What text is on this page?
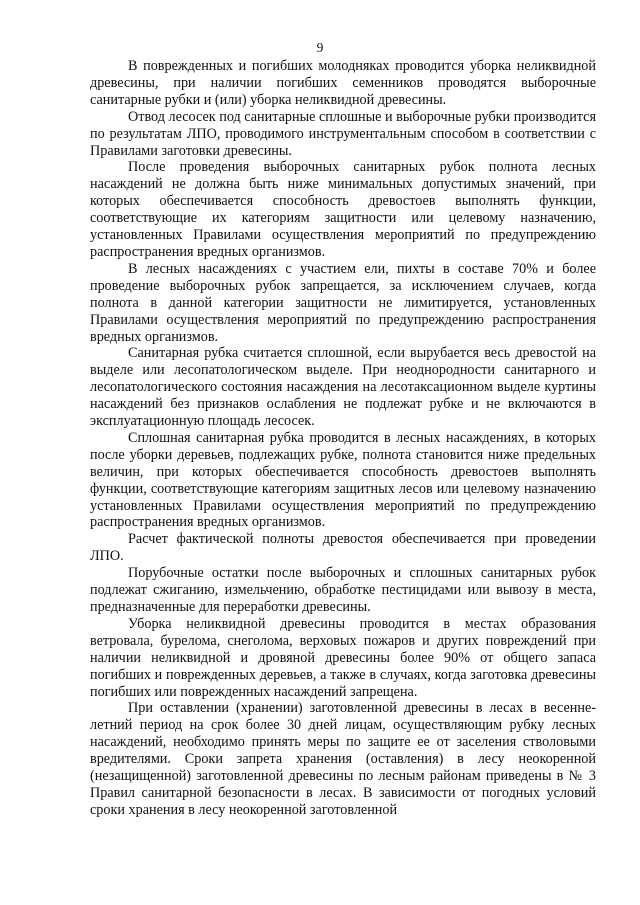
9

В поврежденных и погибших молодняках проводится уборка неликвидной древесины, при наличии погибших семенников проводятся выборочные санитарные рубки и (или) уборка неликвидной древесины.

Отвод лесосек под санитарные сплошные и выборочные рубки производится по результатам ЛПО, проводимого инструментальным способом в соответствии с Правилами заготовки древесины.

После проведения выборочных санитарных рубок полнота лесных насаждений не должна быть ниже минимальных допустимых значений, при которых обеспечивается способность древостоев выполнять функции, соответствующие их категориям защитности или целевому назначению, установленных Правилами осуществления мероприятий по предупреждению распространения вредных организмов.

В лесных насаждениях с участием ели, пихты в составе 70% и более проведение выборочных рубок запрещается, за исключением случаев, когда полнота в данной категории защитности не лимитируется, установленных Правилами осуществления мероприятий по предупреждению распространения вредных организмов.

Санитарная рубка считается сплошной, если вырубается весь древостой на выделе или лесопатологическом выделе. При неоднородности санитарного и лесопатологического состояния насаждения на лесотаксационном выделе куртины насаждений без признаков ослабления не подлежат рубке и не включаются в эксплуатационную площадь лесосек.

Сплошная санитарная рубка проводится в лесных насаждениях, в которых после уборки деревьев, подлежащих рубке, полнота становится ниже предельных величин, при которых обеспечивается способность древостоев выполнять функции, соответствующие категориям защитных лесов или целевому назначению установленных Правилами осуществления мероприятий по предупреждению распространения вредных организмов.

Расчет фактической полноты древостоя обеспечивается при проведении ЛПО.

Порубочные остатки после выборочных и сплошных санитарных рубок подлежат сжиганию, измельчению, обработке пестицидами или вывозу в места, предназначенные для переработки древесины.

Уборка неликвидной древесины проводится в местах образования ветровала, бурелома, снеголома, верховых пожаров и других повреждений при наличии неликвидной и дровяной древесины более 90% от общего запаса погибших и поврежденных деревьев, а также в случаях, когда заготовка древесины погибших или поврежденных насаждений запрещена.

При оставлении (хранении) заготовленной древесины в лесах в весенне-летний период на срок более 30 дней лицам, осуществляющим рубку лесных насаждений, необходимо принять меры по защите ее от заселения стволовыми вредителями. Сроки запрета хранения (оставления) в лесу неокоренной (незащищенной) заготовленной древесины по лесным районам приведены в № 3 Правил санитарной безопасности в лесах. В зависимости от погодных условий сроки хранения в лесу неокоренной заготовленной
